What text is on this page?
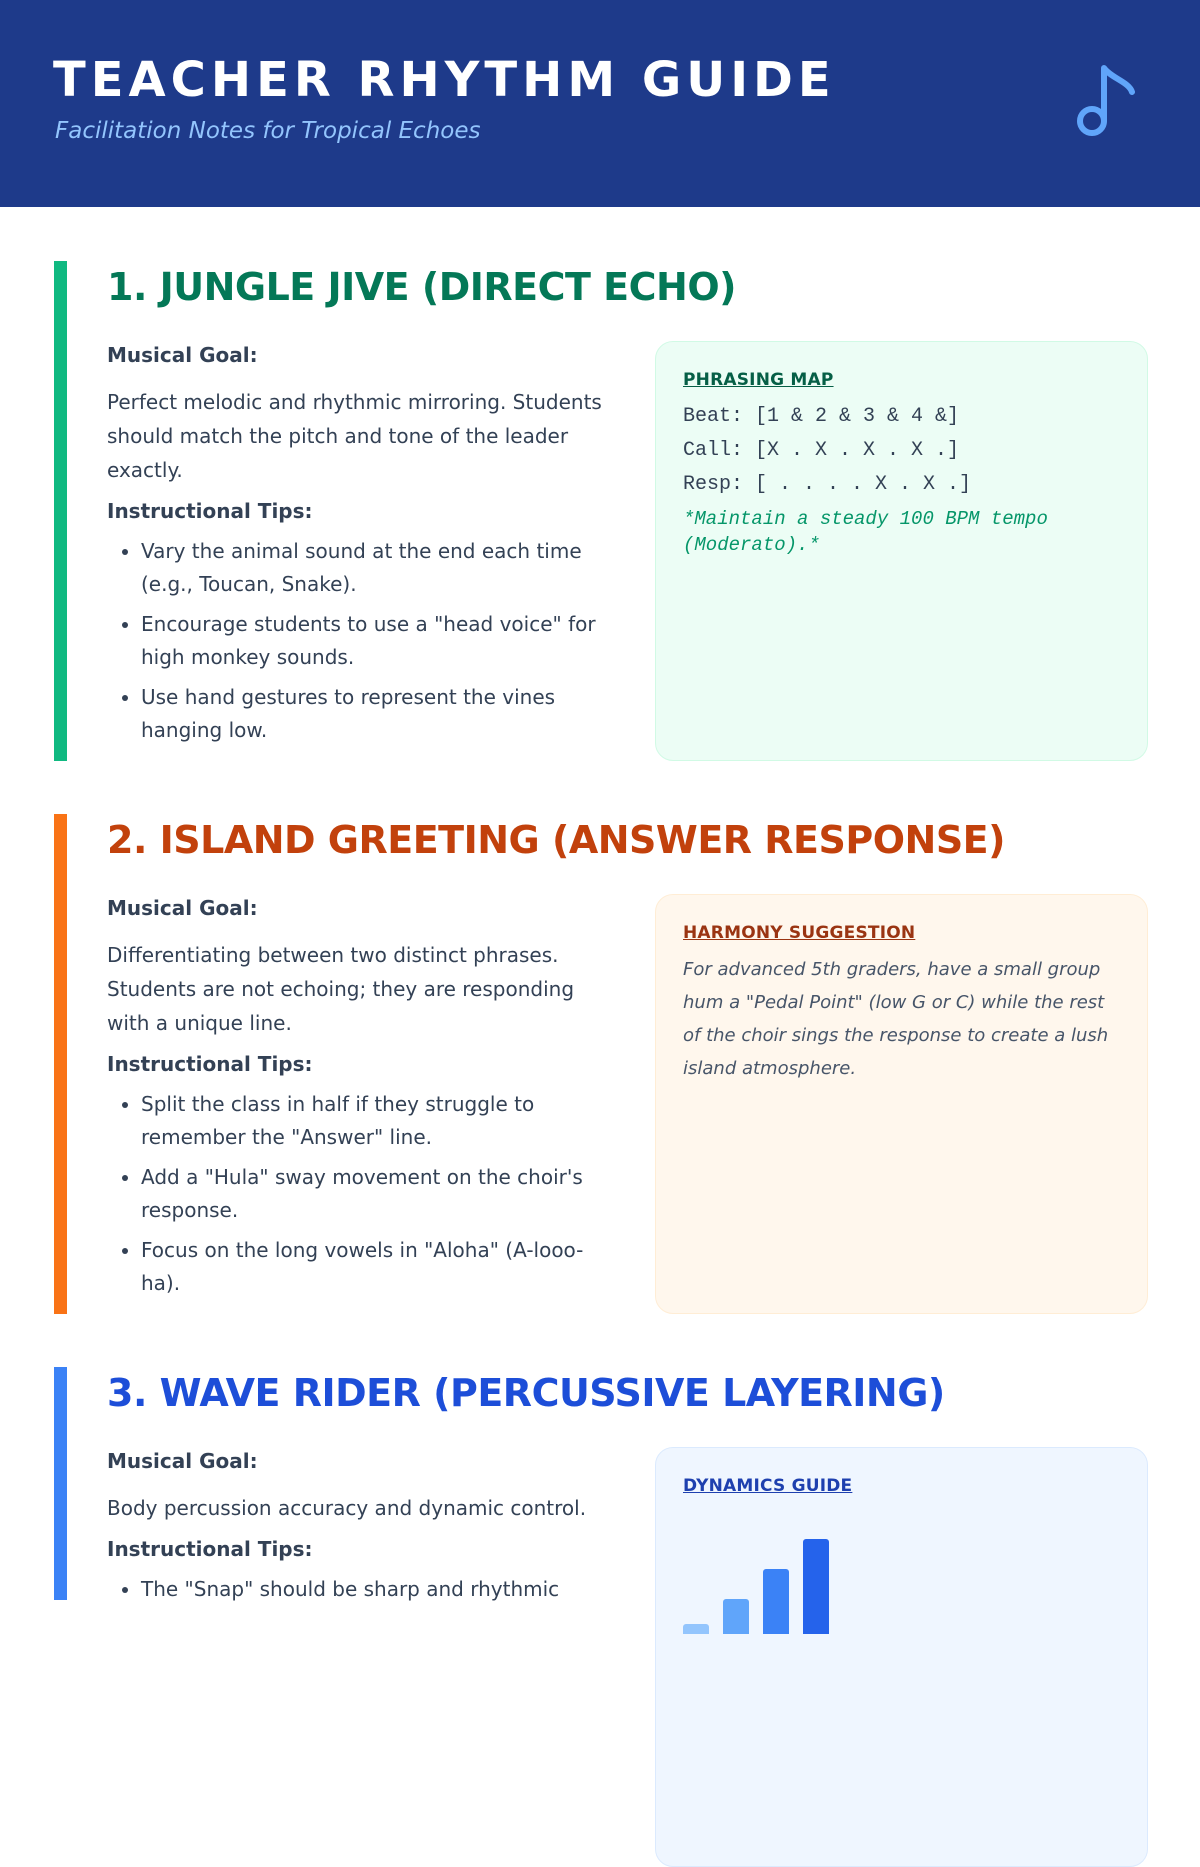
TEACHER RHYTHM GUIDE

Facilitation Notes for Tropical Echoes

1. JUNGLE JIVE (DIRECT ECHO)

Musical Goal:

Perfect melodic and rhythmic mirroring. Students should match the pitch and tone of the leader exactly.

Instructional Tips:

• Vary the animal sound at the end each time (e.g., Toucan, Snake).
• Encourage students to use a "head voice" for high monkey sounds.
• Use hand gestures to represent the vines hanging low.

PHRASING MAP

Beat: [1 & 2 & 3 & 4 &]

Call: [X . X . X . X .]

Resp: [ . . . . X . X .]

*Maintain a steady 100 BPM tempo (Moderato).*

2. ISLAND GREETING (ANSWER RESPONSE)

Musical Goal:

Differentiating between two distinct phrases. Students are not echoing; they are responding with a unique line.

Instructional Tips:

• Split the class in half if they struggle to remember the "Answer" line.
• Add a "Hula" sway movement on the choir's response.
• Focus on the long vowels in "Aloha" (A-looo-ha).

HARMONY SUGGESTION

For advanced 5th graders, have a small group hum a "Pedal Point" (low G or C) while the rest of the choir sings the response to create a lush island atmosphere.

3. WAVE RIDER (PERCUSSIVE LAYERING)

Musical Goal:

Body percussion accuracy and dynamic control.

Instructional Tips:

• The "Snap" should be sharp and rhythmic

DYNAMICS GUIDE
